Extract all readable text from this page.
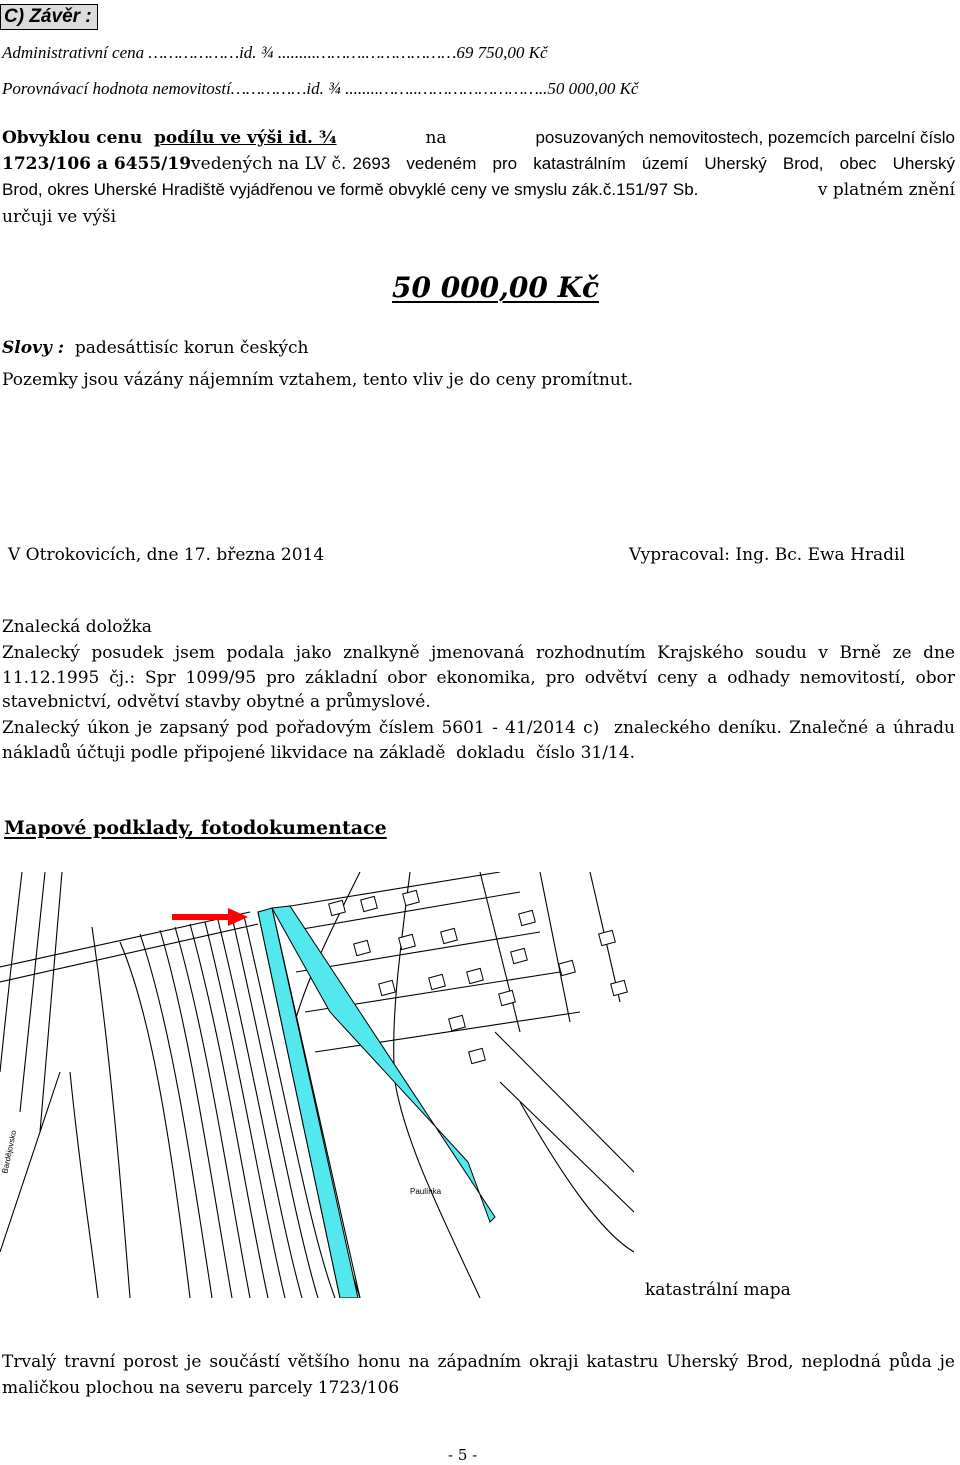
C) Závěr :
Administrativní cena ………………id. ¾ .........……….………………69 750,00 Kč
Porovnávací hodnota nemovitostí……………id. ¾ ........……..……………………..50 000,00 Kč
Obvyklou cenu podílu ve výši id. ¾	na	posuzovaných nemovitostech, pozemcích parcelní číslo
1723/106 a 6455/19 vedených na LV č. 2693 vedeném pro katastrálním území Uherský Brod, obec Uherský
Brod, okres Uherské Hradiště vyjádřenou ve formě obvyklé ceny ve smyslu zák.č.151/97 Sb.	v platném znění
určuji ve výši
50 000,00 Kč
Slovy : padesáttisíc korun českých
Pozemky jsou vázány nájemním vztahem, tento vliv je do ceny promítnut.
V Otrokovicích, dne 17. března 2014	Vypracoval: Ing. Bc. Ewa Hradil
Znalecká doložka
Znalecký posudek jsem podala jako znalkyně jmenovaná rozhodnutím Krajského soudu v Brně ze dne
11.12.1995 čj.: Spr 1099/95 pro základní obor ekonomika, pro odvětví ceny a odhady nemovitostí, obor
stavebnictví, odvětví stavby obytné a průmyslové.
Znalecký úkon je zapsaný pod pořadovým číslem 5601 - 41/2014 c)  znaleckého deníku. Znalečné a úhradu
nákladů účtuji podle připojené likvidace na základě  dokladu  číslo 31/14.
Mapové podklady, fotodokumentace
Bardějovsko
Paulínka
katastrální mapa
Trvalý travní porost je součástí většího honu na západním okraji katastru Uherský Brod, neplodná půda je
maličkou plochou na severu parcely 1723/106
- 5 -
